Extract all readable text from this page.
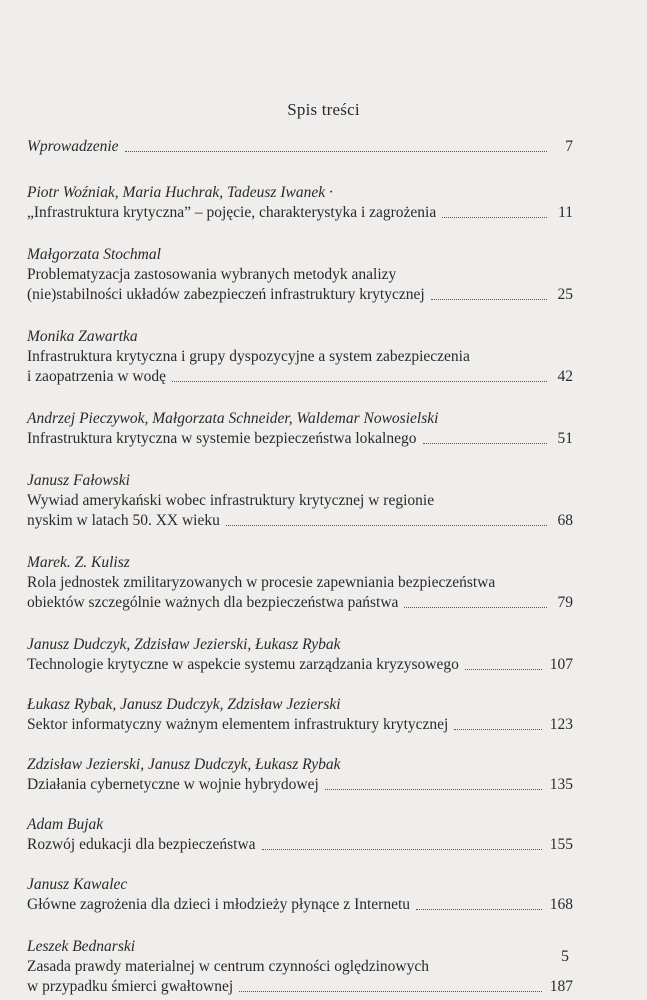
Spis treści
Wprowadzenie	7
Piotr Woźniak, Maria Huchrak, Tadeusz Iwanek ·
„Infrastruktura krytyczna” – pojęcie, charakterystyka i zagrożenia	11
Małgorzata Stochmal
Problematyzacja zastosowania wybranych metodyk analizy
(nie)stabilności układów zabezpieczeń infrastruktury krytycznej	25
Monika Zawartka
Infrastruktura krytyczna i grupy dyspozycyjne a system zabezpieczenia
i zaopatrzenia w wodę	42
Andrzej Pieczywok, Małgorzata Schneider, Waldemar Nowosielski
Infrastruktura krytyczna w systemie bezpieczeństwa lokalnego	51
Janusz Fałowski
Wywiad amerykański wobec infrastruktury krytycznej w regionie
nyskim w latach 50. XX wieku	68
Marek. Z. Kulisz
Rola jednostek zmilitaryzowanych w procesie zapewniania bezpieczeństwa
obiektów szczególnie ważnych dla bezpieczeństwa państwa	79
Janusz Dudczyk, Zdzisław Jezierski, Łukasz Rybak
Technologie krytyczne w aspekcie systemu zarządzania kryzysowego	107
Łukasz Rybak, Janusz Dudczyk, Zdzisław Jezierski
Sektor informatyczny ważnym elementem infrastruktury krytycznej	123
Zdzisław Jezierski, Janusz Dudczyk, Łukasz Rybak
Działania cybernetyczne w wojnie hybrydowej	135
Adam Bujak
Rozwój edukacji dla bezpieczeństwa	155
Janusz Kawalec
Główne zagrożenia dla dzieci i młodzieży płynące z Internetu	168
Leszek Bednarski
Zasada prawdy materialnej w centrum czynności oględzinowych
w przypadku śmierci gwałtownej	187
5
